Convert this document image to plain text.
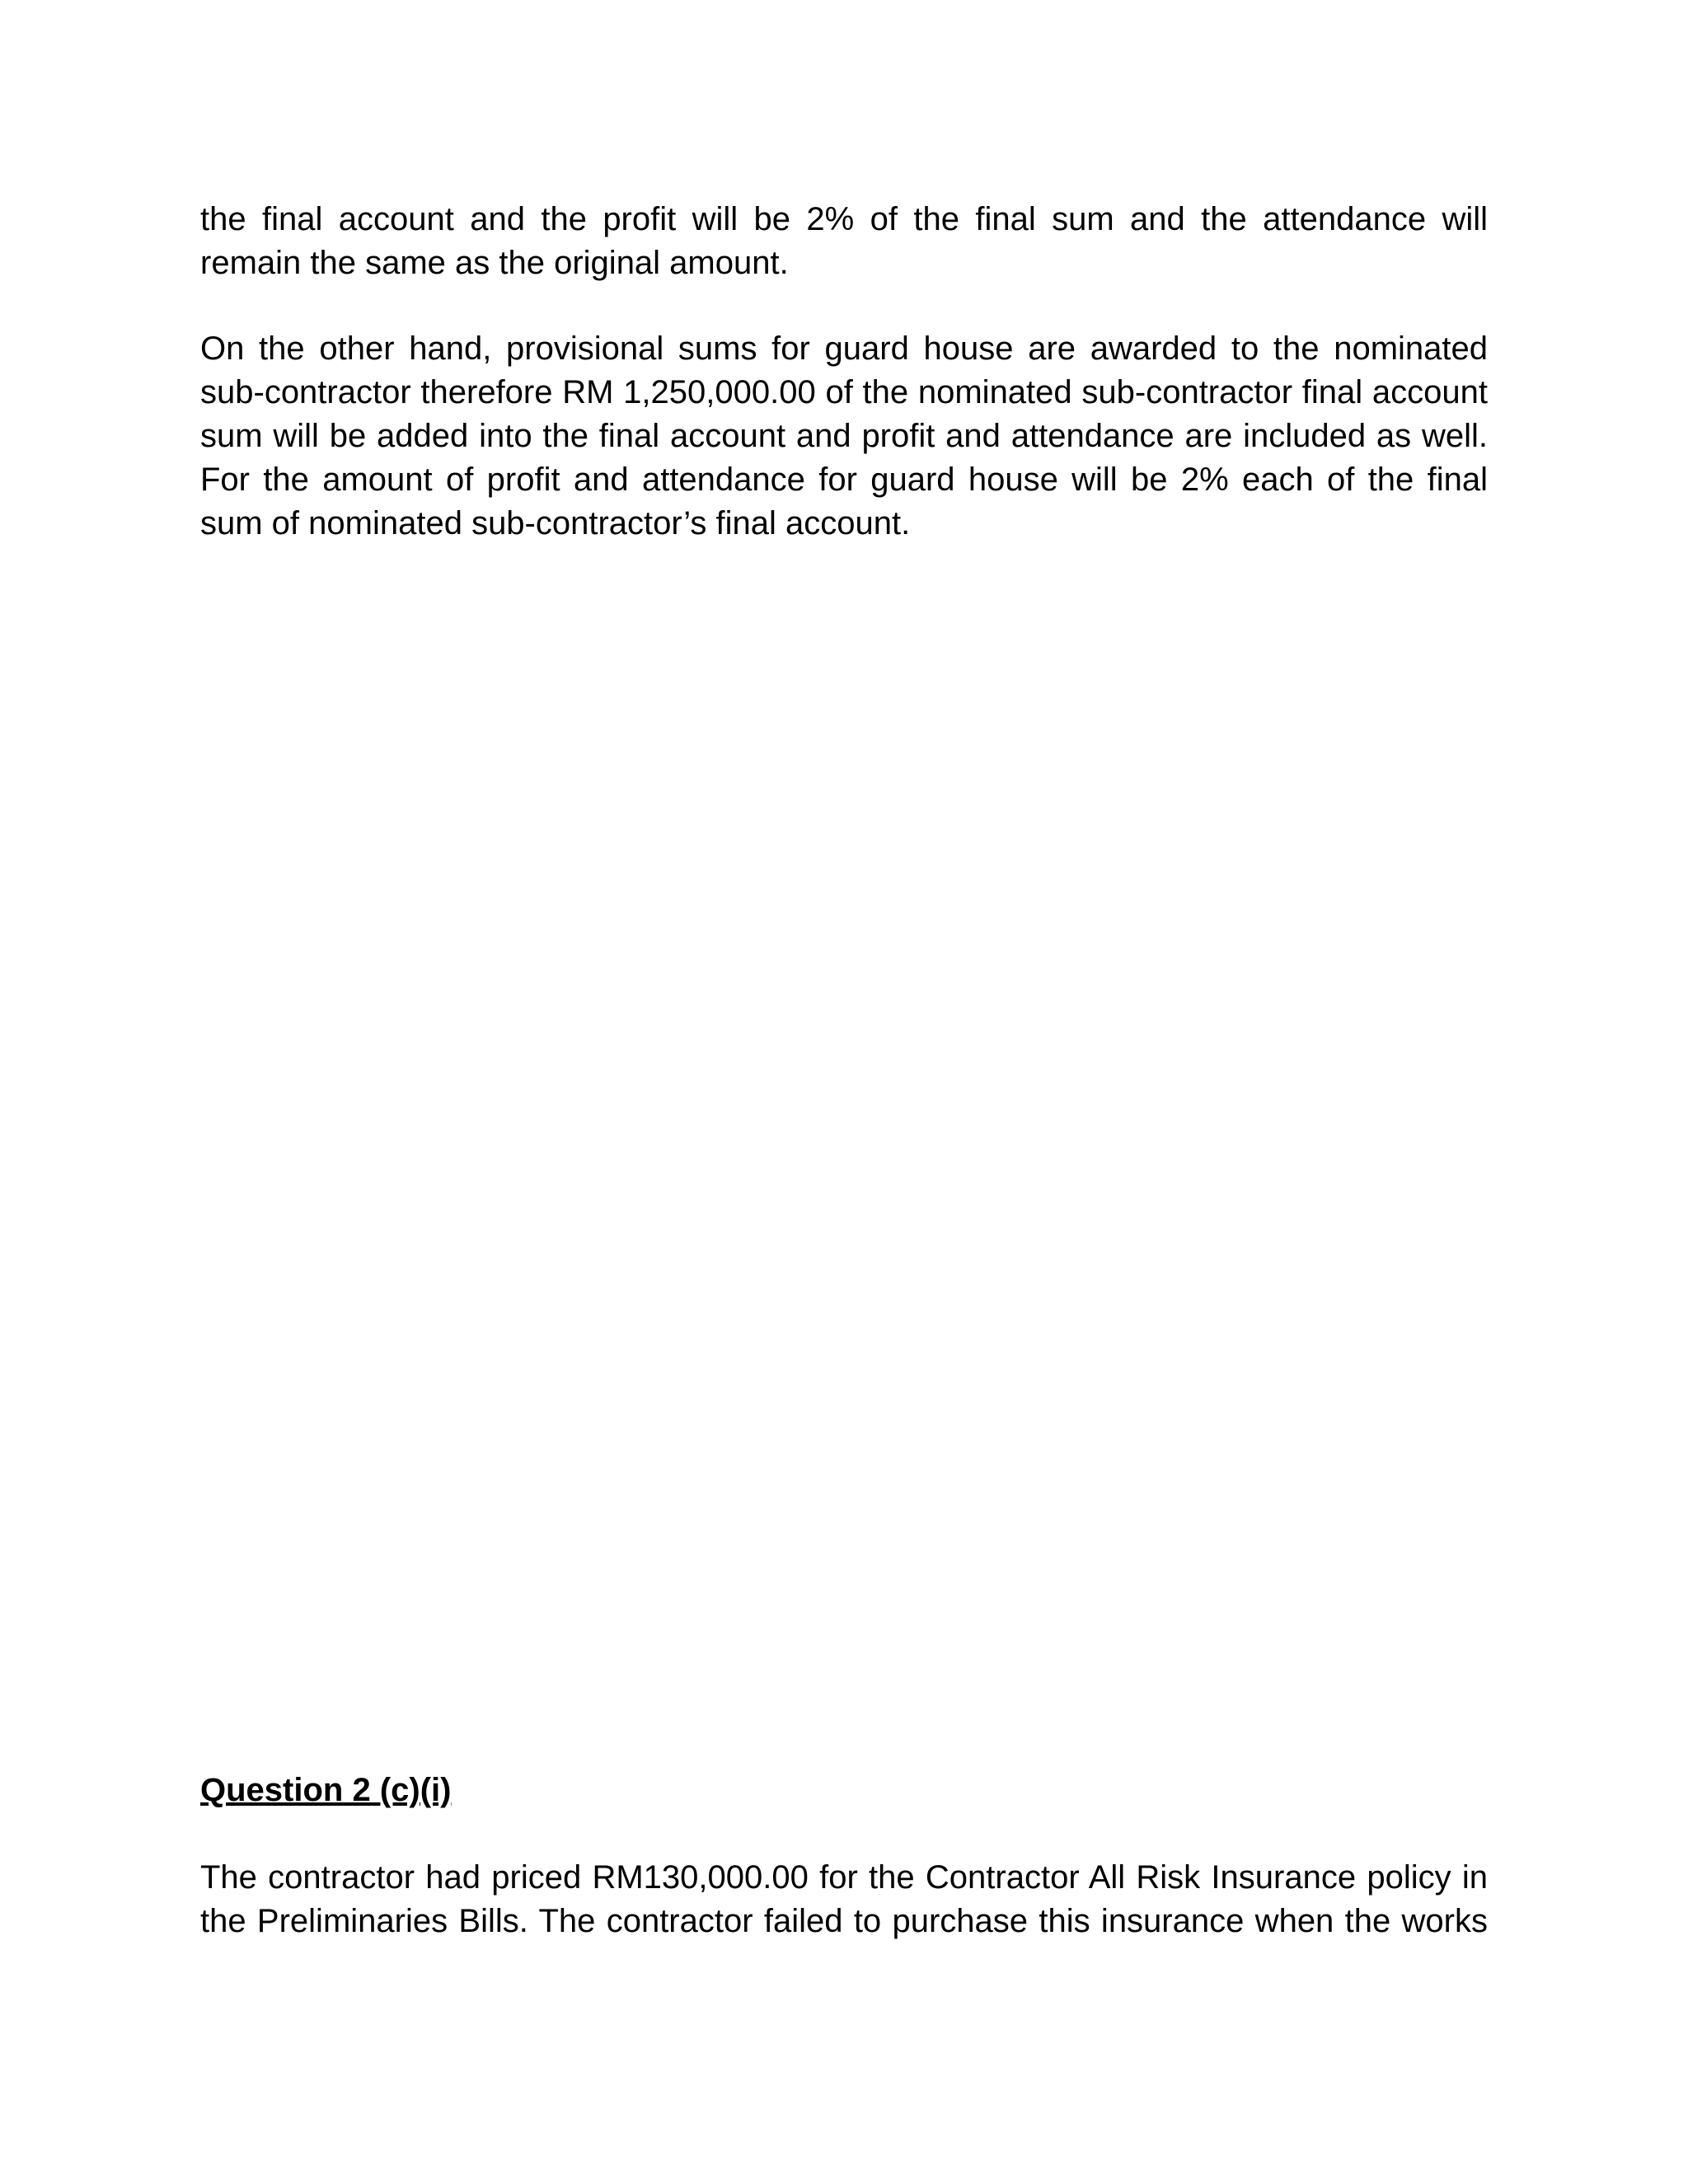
the final account and the profit will be 2% of the final sum and the attendance will
remain the same as the original amount.
On the other hand, provisional sums for guard house are awarded to the nominated
sub-contractor therefore RM 1,250,000.00 of the nominated sub-contractor final account
sum will be added into the final account and profit and attendance are included as well.
For the amount of profit and attendance for guard house will be 2% each of the final
sum of nominated sub-contractor’s final account.
Question 2 (c)(i)
The contractor had priced RM130,000.00 for the Contractor All Risk Insurance policy in
the Preliminaries Bills. The contractor failed to purchase this insurance when the works
